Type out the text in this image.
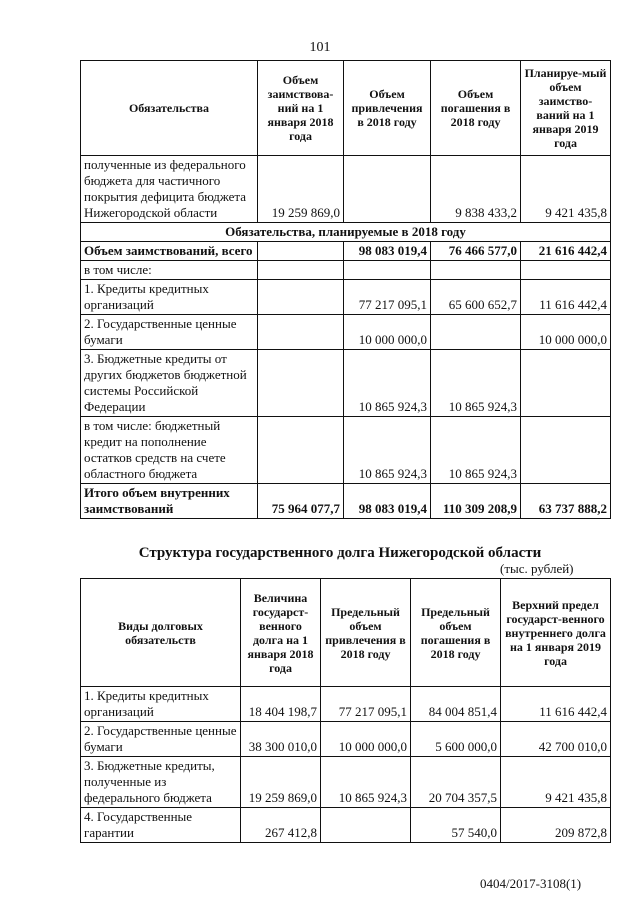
101
Обязательства	Объем заимствова-ний на 1 января 2018 года	Объем привлечения в 2018 году	Объем погашения в 2018 году	Планируе-мый объем заимство-ваний на 1 января 2019 года
полученные из федерального бюджета для частичного покрытия дефицита бюджета Нижегородской области	19 259 869,0		9 838 433,2	9 421 435,8
Обязательства, планируемые в 2018 году				
Объем заимствований, всего		98 083 019,4	76 466 577,0	21 616 442,4
в том числе:				
1. Кредиты кредитных организаций		77 217 095,1	65 600 652,7	11 616 442,4
2. Государственные ценные бумаги		10 000 000,0		10 000 000,0
3. Бюджетные кредиты от других бюджетов бюджетной системы Российской Федерации		10 865 924,3	10 865 924,3	
в том числе: бюджетный кредит на пополнение остатков средств на счете областного бюджета		10 865 924,3	10 865 924,3	
Итого объем внутренних заимствований	75 964 077,7	98 083 019,4	110 309 208,9	63 737 888,2
Структура государственного долга Нижегородской области
(тыс. рублей)
Виды долговых обязательств	Величина государст-венного долга на 1 января 2018 года	Предельный объем привлечения в 2018 году	Предельный объем погашения в 2018 году	Верхний предел государст-венного внутреннего долга на 1 января 2019 года
1. Кредиты кредитных организаций	18 404 198,7	77 217 095,1	84 004 851,4	11 616 442,4
2. Государственные ценные бумаги	38 300 010,0	10 000 000,0	5 600 000,0	42 700 010,0
3. Бюджетные кредиты, полученные из федерального бюджета	19 259 869,0	10 865 924,3	20 704 357,5	9 421 435,8
4. Государственные гарантии	267 412,8		57 540,0	209 872,8
0404/2017-3108(1)
